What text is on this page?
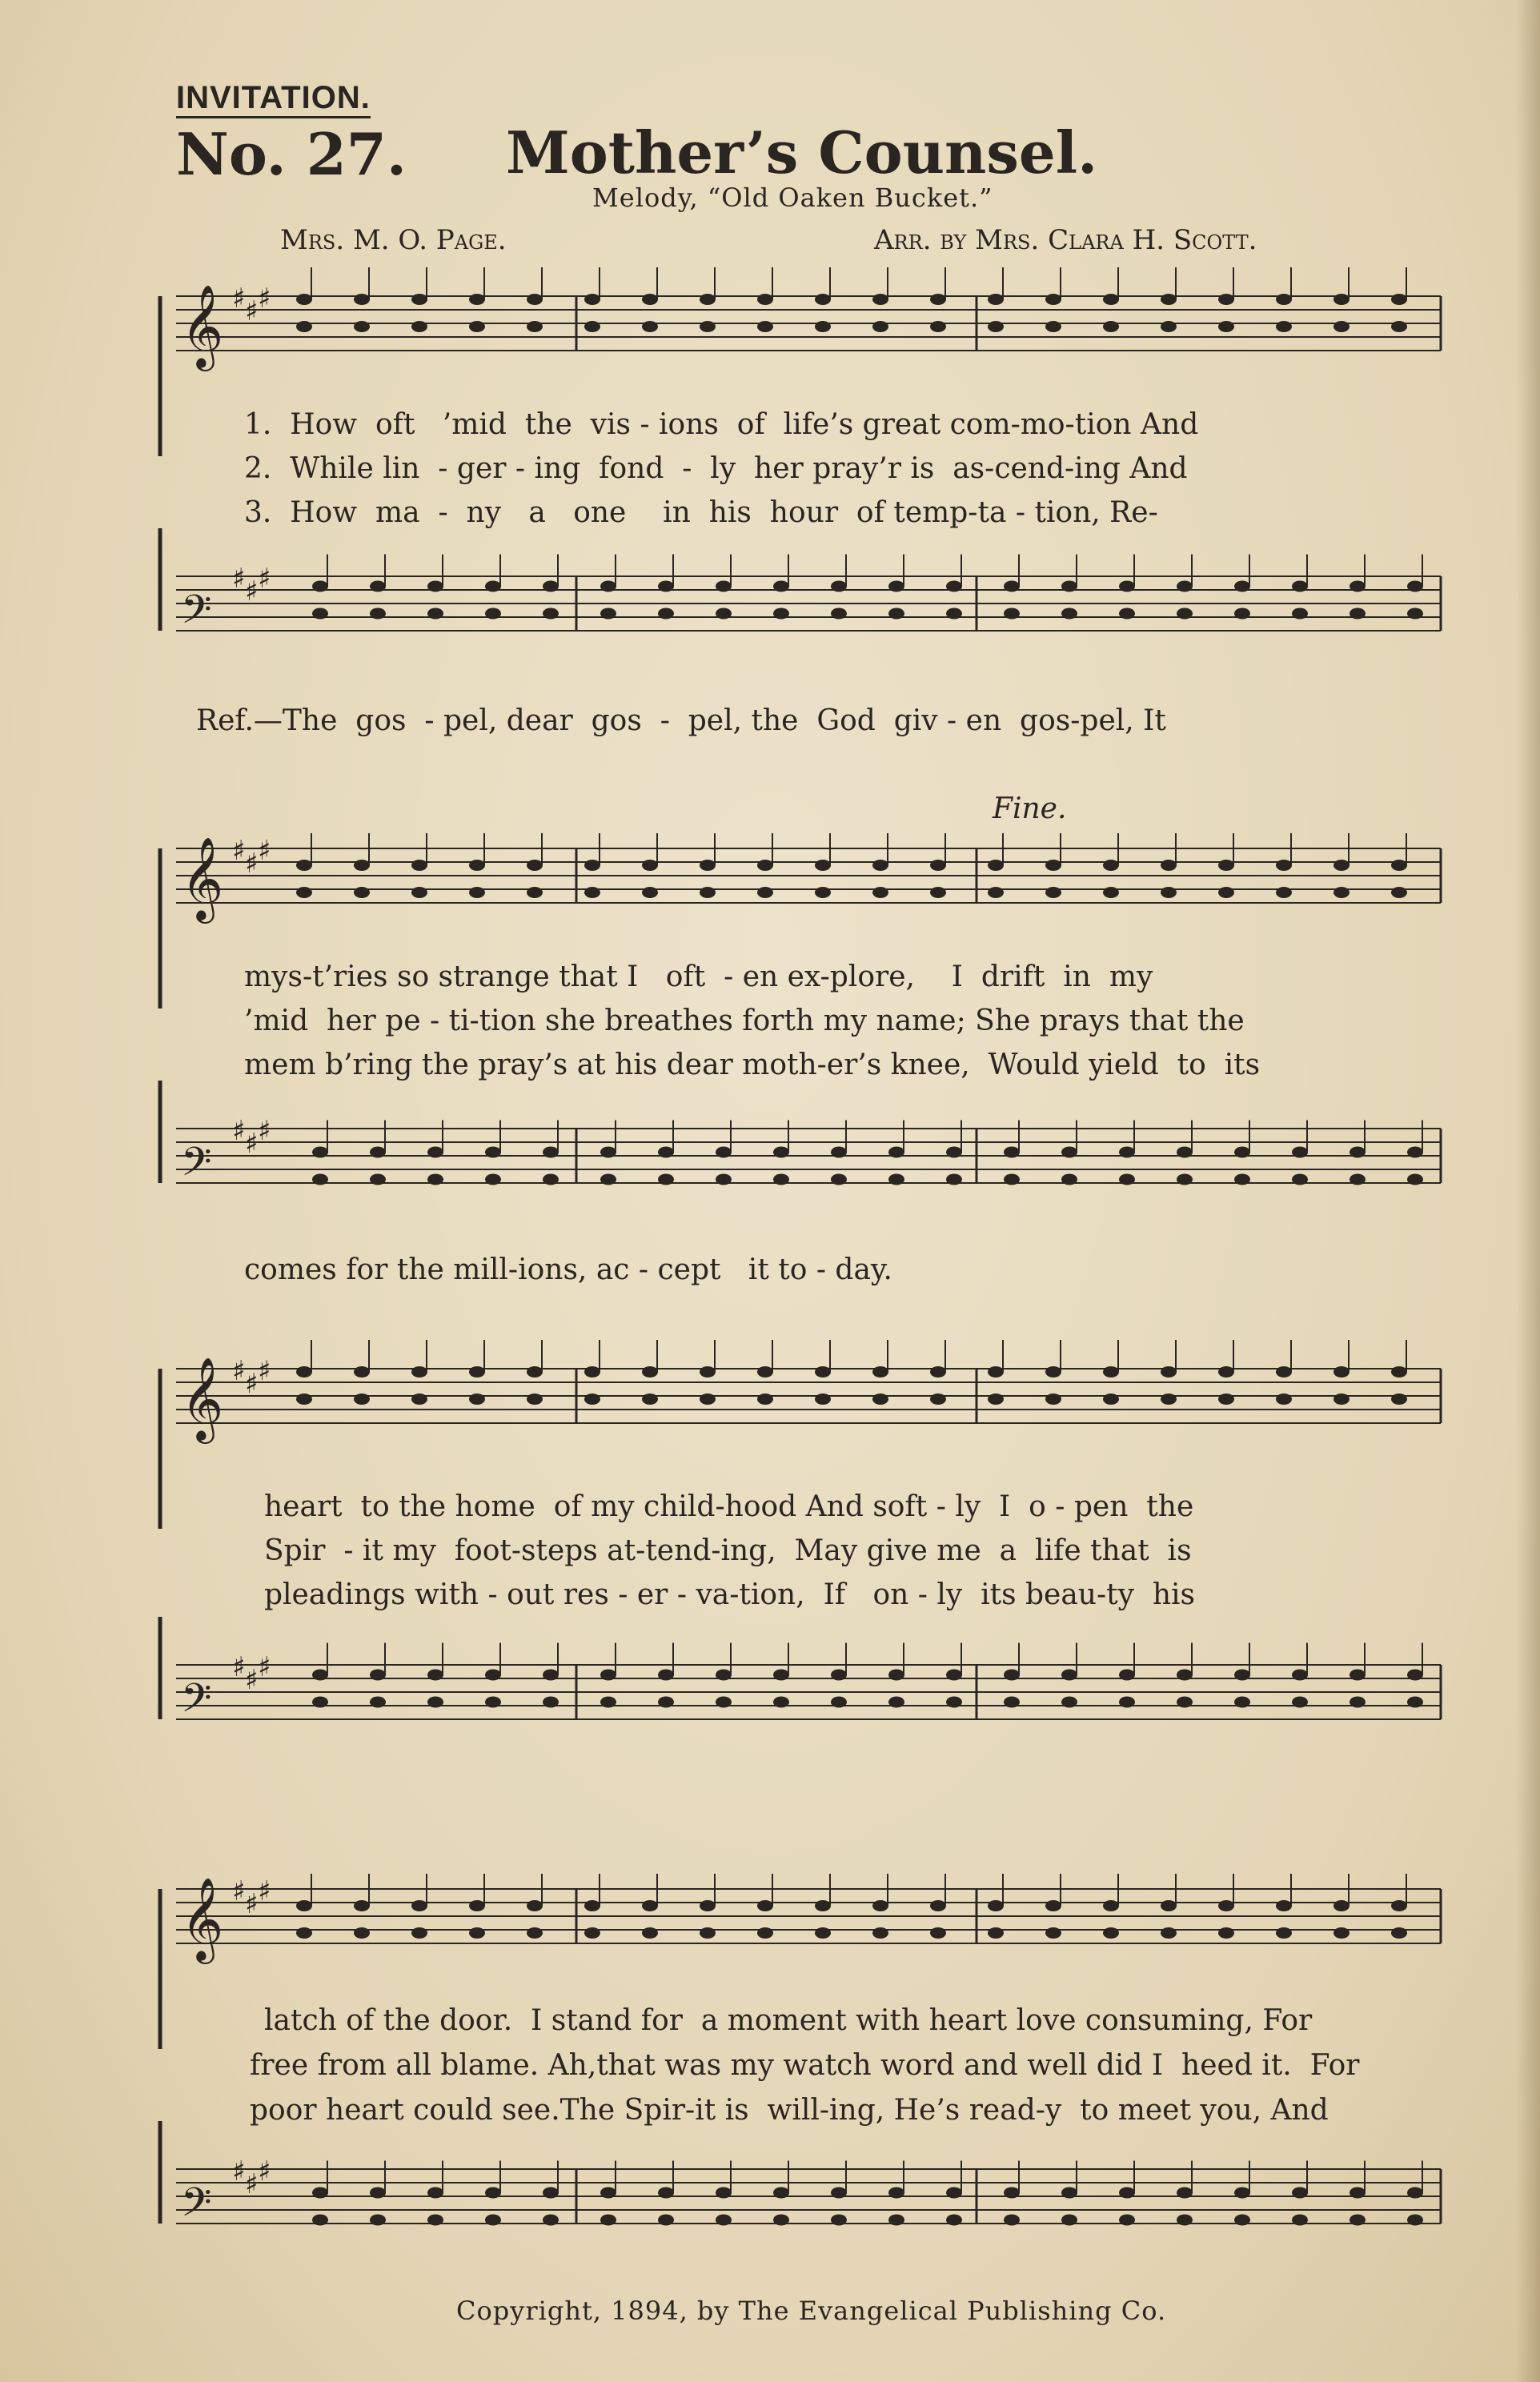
INVITATION.
No. 27. Mother’s Counsel.
Melody, “Old Oaken Bucket.”
Mrs. M. O. Page.	Arr. by Mrs. Clara H. Scott.
𝄞 ♯ ♯ ♯
1.  How  oft   ’mid  the  vis - ions  of  life’s great com-mo-tion And
2.  While lin  - ger - ing  fond  -  ly  her pray’r is  as-cend-ing And
3.  How  ma  -  ny   a   one    in  his  hour  of temp-ta - tion, Re-
𝄢
♯ ♯ ♯
Ref.—The  gos  - pel, dear  gos  -  pel, the  God  giv - en  gos-pel, It
Fine.
𝄞 ♯ ♯ ♯
mys-t’ries so strange that I   oft  - en ex-plore,    I  drift  in  my
’mid  her pe - ti-tion she breathes forth my name; She prays that the
mem b’ring the pray’s at his dear moth-er’s knee,  Would yield  to  its
𝄢
♯ ♯ ♯
comes for the mill-ions, ac - cept   it to - day.
𝄞 ♯ ♯ ♯
heart  to the home  of my child-hood And soft - ly  I  o - pen  the
Spir  - it my  foot-steps at-tend-ing,  May give me  a  life that  is
pleadings with - out res - er - va-tion,  If   on - ly  its beau-ty  his
𝄢
♯ ♯ ♯
𝄞 ♯ ♯ ♯
latch of the door.  I stand for  a moment with heart love consuming, For
free from all blame. Ah,that was my watch word and well did I  heed it.  For
poor heart could see.The Spir-it is  will-ing, He’s read-y  to meet you, And
𝄢
♯ ♯ ♯
Copyright, 1894, by The Evangelical Publishing Co.
